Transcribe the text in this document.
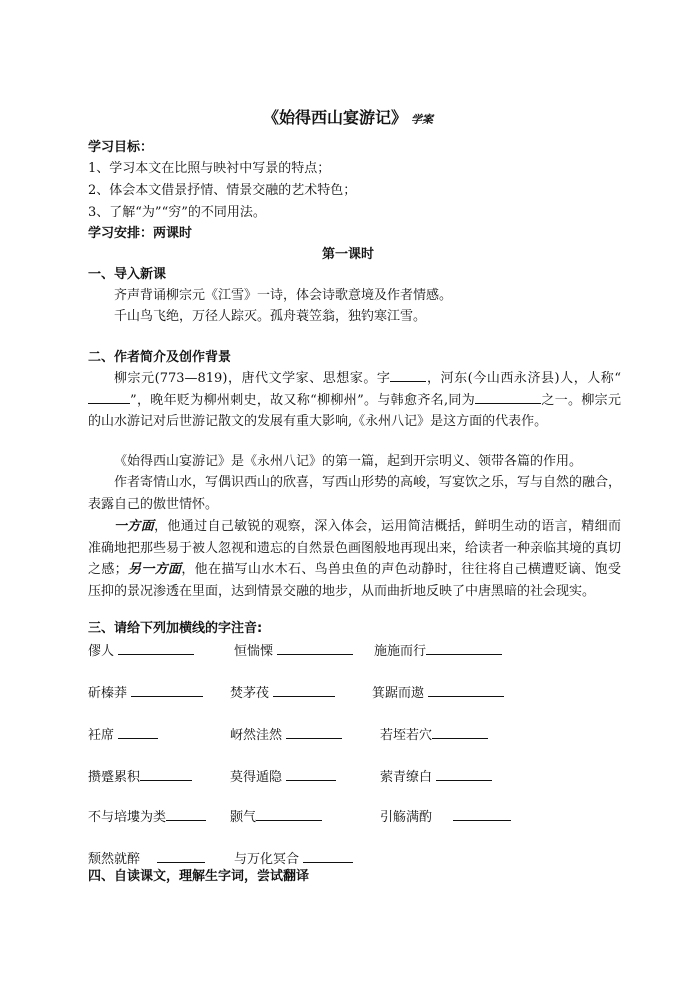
《始得西山宴游记》 学案
学习目标：
1、学习本文在比照与映衬中写景的特点；
2、体会本文借景抒情、情景交融的艺术特色；
3、了解“为”“穷”的不同用法。
学习安排：两课时
第一课时
一、导入新课
齐声背诵柳宗元《江雪》一诗，体会诗歌意境及作者情感。
千山鸟飞绝，万径人踪灭。孤舟蓑笠翁，独钓寒江雪。
二、作者简介及创作背景
柳宗元(773—819)，唐代文学家、思想家。字	，河东(今山西永济县)人，人称“”，晚年贬为柳州刺史，故又称“柳柳州”。与韩愈齐名,同为	之一。柳宗元的山水游记对后世游记散文的发展有重大影响,《永州八记》是这方面的代表作。
《始得西山宴游记》是《永州八记》的第一篇，起到开宗明义、领带各篇的作用。
作者寄情山水，写偶识西山的欣喜，写西山形势的高峻，写宴饮之乐，写与自然的融合，表露自己的傲世情怀。
一方面，他通过自己敏锐的观察，深入体会，运用简洁概括，鲜明生动的语言，精细而准确地把那些易于被人忽视和遗忘的自然景色画图般地再现出来，给读者一种亲临其境的真切之感；另一方面，他在描写山水木石、鸟兽虫鱼的声色动静时，往往将自己横遭贬谪、饱受压抑的景况渗透在里面，达到情景交融的地步，从而曲折地反映了中唐黑暗的社会现实。
三、请给下列加横线的字注音:
僇人	恒惴慄	施施而行
斫榛莽	焚茅茷	箕踞而遨
衽席	岈然洼然	若垤若穴
攒蹙累积	莫得遁隐	萦青缭白
不与培塿为类	颢气	引觞满酌
颓然就醉	与万化冥合
四、自读课文，理解生字词，尝试翻译
